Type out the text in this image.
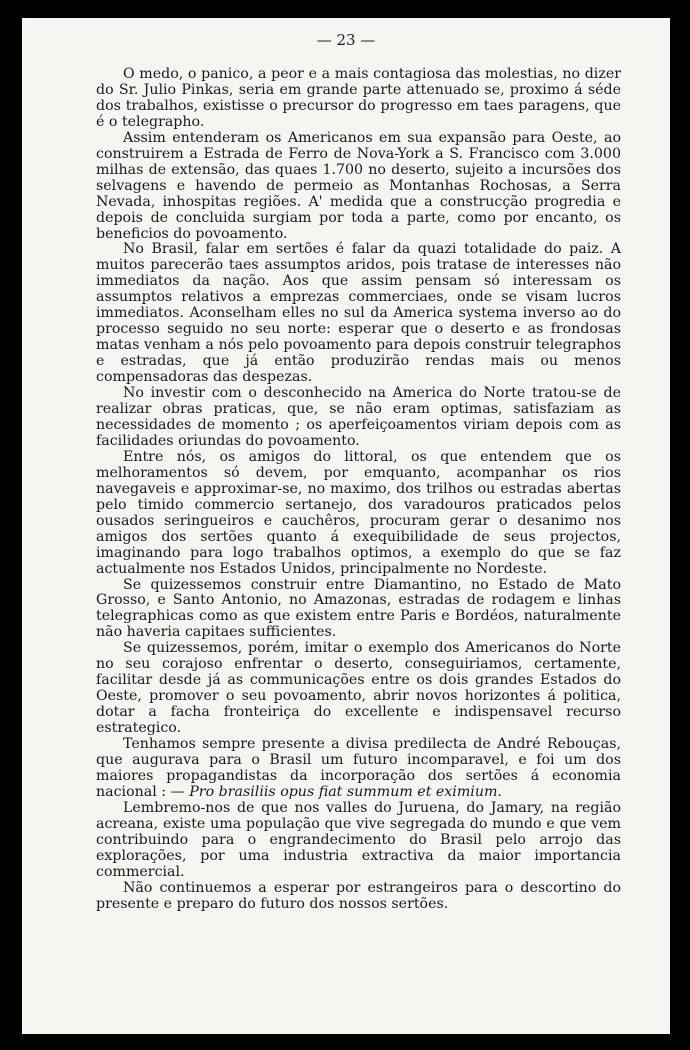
— 23 —

O medo, o panico, a peor e a mais contagiosa das molestias, no dizer do Sr. Julio Pinkas, seria em grande parte attenuado se, proximo á séde dos trabalhos, existisse o precursor do progresso em taes paragens, que é o telegrapho.

Assim entenderam os Americanos em sua expansão para Oeste, ao construirem a Estrada de Ferro de Nova-York a S. Francisco com 3.000 milhas de extensão, das quaes 1.700 no deserto, sujeito a incursões dos selvagens e havendo de permeio as Montanhas Rochosas, a Serra Nevada, inhospitas regiões. A' medida que a construcção progredia e depois de concluida surgiam por toda a parte, como por encanto, os beneficios do povoamento.

No Brasil, falar em sertões é falar da quazi totalidade do paiz. A muitos parecerão taes assumptos aridos, pois tratase de interesses não immediatos da nação. Aos que assim pensam só interessam os assumptos relativos a emprezas commerciaes, onde se visam lucros immediatos. Aconselham elles no sul da America systema inverso ao do processo seguido no seu norte: esperar que o deserto e as frondosas matas venham a nós pelo povoamento para depois construir telegraphos e estradas, que já então produzirão rendas mais ou menos compensadoras das despezas.

No investir com o desconhecido na America do Norte tratou-se de realizar obras praticas, que, se não eram optimas, satisfaziam as necessidades de momento ; os aperfeiçoamentos viriam depois com as facilidades oriundas do povoamento.

Entre nós, os amigos do littoral, os que entendem que os melhoramentos só devem, por emquanto, acompanhar os rios navegaveis e approximar-se, no maximo, dos trilhos ou estradas abertas pelo timido commercio sertanejo, dos varadouros praticados pelos ousados seringueiros e cauchêros, procuram gerar o desanimo nos amigos dos sertões quanto á exequibilidade de seus projectos, imaginando para logo trabalhos optimos, a exemplo do que se faz actualmente nos Estados Unidos, principalmente no Nordeste.

Se quizessemos construir entre Diamantino, no Estado de Mato Grosso, e Santo Antonio, no Amazonas, estradas de rodagem e linhas telegraphicas como as que existem entre Paris e Bordéos, naturalmente não haveria capitaes sufficientes.

Se quizessemos, porém, imitar o exemplo dos Americanos do Norte no seu corajoso enfrentar o deserto, conseguiriamos, certamente, facilitar desde já as communicações entre os dois grandes Estados do Oeste, promover o seu povoamento, abrir novos horizontes á politica, dotar a facha fronteiriça do excellente e indispensavel recurso estrategico.

Tenhamos sempre presente a divisa predilecta de André Rebouças, que augurava para o Brasil um futuro incomparavel, e foi um dos maiores propagandistas da incorporação dos sertões á economia nacional : — Pro brasiliis opus fiat summum et eximium.

Lembremo-nos de que nos valles do Juruena, do Jamary, na região acreana, existe uma população que vive segregada do mundo e que vem contribuindo para o engrandecimento do Brasil pelo arrojo das explorações, por uma industria extractiva da maior importancia commercial.

Não continuemos a esperar por estrangeiros para o descortino do presente e preparo do futuro dos nossos sertões.
